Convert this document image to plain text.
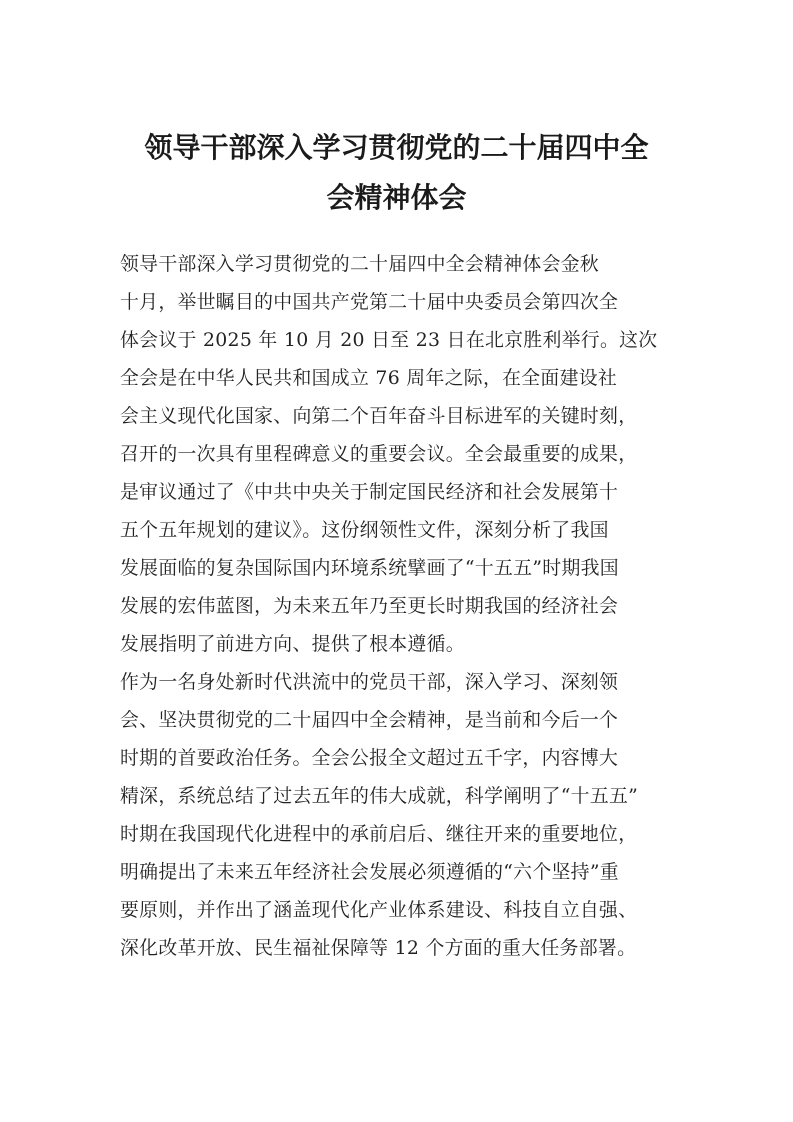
领导干部深入学习贯彻党的二十届四中全
会精神体会

领导干部深入学习贯彻党的二十届四中全会精神体会金秋

十月，举世瞩目的中国共产党第二十届中央委员会第四次全

体会议于 2025 年 10 月 20 日至 23 日在北京胜利举行。这次

全会是在中华人民共和国成立 76 周年之际，在全面建设社

会主义现代化国家、向第二个百年奋斗目标进军的关键时刻，

召开的一次具有里程碑意义的重要会议。全会最重要的成果，

是审议通过了《中共中央关于制定国民经济和社会发展第十

五个五年规划的建议》。这份纲领性文件，深刻分析了我国

发展面临的复杂国际国内环境系统擘画了“十五五”时期我国

发展的宏伟蓝图，为未来五年乃至更长时期我国的经济社会

发展指明了前进方向、提供了根本遵循。

作为一名身处新时代洪流中的党员干部，深入学习、深刻领

会、坚决贯彻党的二十届四中全会精神，是当前和今后一个

时期的首要政治任务。全会公报全文超过五千字，内容博大

精深，系统总结了过去五年的伟大成就，科学阐明了“十五五”

时期在我国现代化进程中的承前启后、继往开来的重要地位，

明确提出了未来五年经济社会发展必须遵循的“六个坚持”重

要原则，并作出了涵盖现代化产业体系建设、科技自立自强、

深化改革开放、民生福祉保障等 12 个方面的重大任务部署。
